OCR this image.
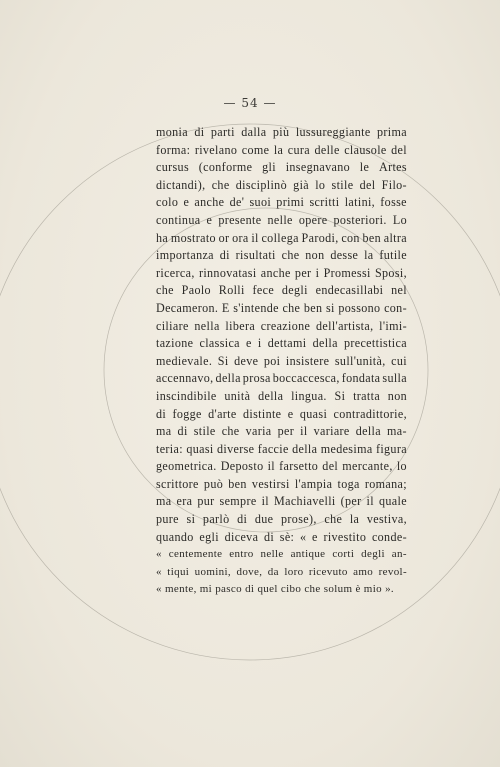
— 54 —
monia di parti dalla più lussureggiante prima
forma: rivelano come la cura delle clausole del
cursus (conforme gli insegnavano le Artes
dictandi), che disciplinò già lo stile del Filo-
colo e anche de' suoi primi scritti latini, fosse
continua e presente nelle opere posteriori. Lo
ha mostrato or ora il collega Parodi, con ben altra
importanza di risultati che non desse la futile
ricerca, rinnovatasi anche per i Promessi Sposi,
che Paolo Rolli fece degli endecasillabi nel
Decameron. E s'intende che ben si possono con-
ciliare nella libera creazione dell'artista, l'imi-
tazione classica e i dettami della precettistica
medievale. Si deve poi insistere sull'unità, cui
accennavo, della prosa boccaccesca, fondata sulla
inscindibile unità della lingua. Si tratta non
di fogge d'arte distinte e quasi contradittorie,
ma di stile che varia per il variare della ma-
teria: quasi diverse faccie della medesima figura
geometrica. Deposto il farsetto del mercante, lo
scrittore può ben vestirsi l'ampia toga romana;
ma era pur sempre il Machiavelli (per il quale
pure si parlò di due prose), che la vestiva,
quando egli diceva di sè: « e rivestito conde-
« centemente entro nelle antique corti degli an-
« tiqui uomini, dove, da loro ricevuto amo revol-
« mente, mi pasco di quel cibo che solum è mio ».
